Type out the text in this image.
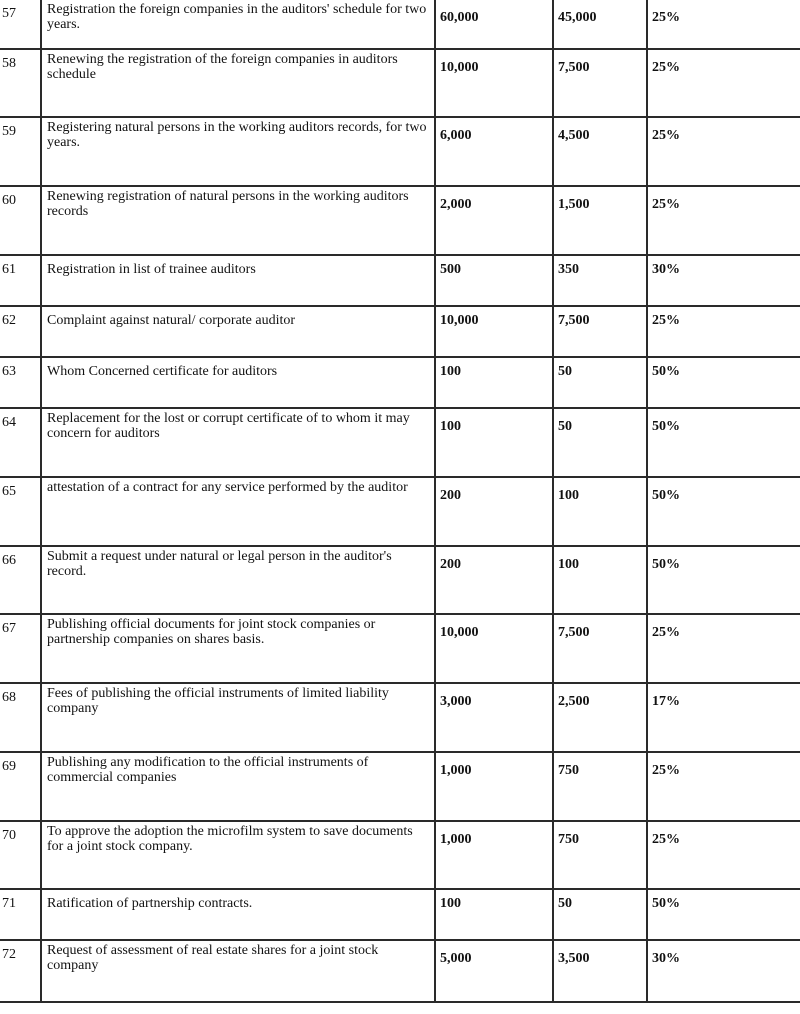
57	Registration the foreign companies in the auditors' schedule for two years.	60,000	45,000	25%
58	Renewing the registration of the foreign companies in auditors schedule	10,000	7,500	25%
59	Registering natural persons in the working auditors records, for two years.	6,000	4,500	25%
60	Renewing registration of natural persons in the working auditors records	2,000	1,500	25%
61	Registration in list of trainee auditors	500	350	30%
62	Complaint against natural/ corporate auditor	10,000	7,500	25%
63	Whom Concerned certificate for auditors	100	50	50%
64	Replacement for the lost or corrupt certificate of to whom it may concern for auditors	100	50	50%
65	attestation of a contract for any service performed by the auditor	200	100	50%
66	Submit a request under natural or legal person in the auditor's record.	200	100	50%
67	Publishing official documents for joint stock companies or partnership companies on shares basis.	10,000	7,500	25%
68	Fees of publishing the official instruments of limited liability company	3,000	2,500	17%
69	Publishing any modification to the official instruments of commercial companies	1,000	750	25%
70	To approve the adoption the microfilm system to save documents for a joint stock company.	1,000	750	25%
71	Ratification of partnership contracts.	100	50	50%
72	Request of assessment of real estate shares for a joint stock company	5,000	3,500	30%
